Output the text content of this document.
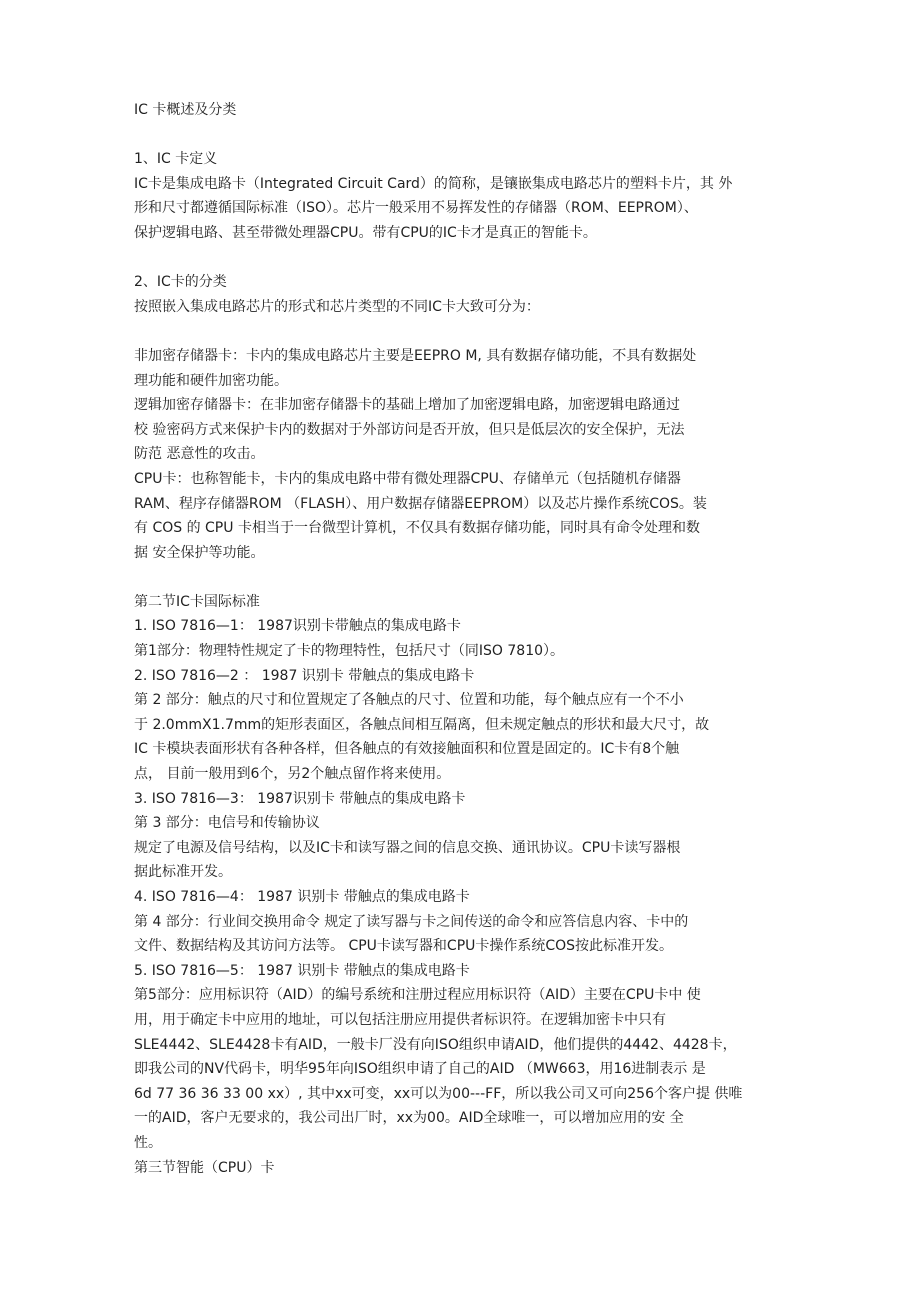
IC 卡概述及分类
1、IC 卡定义
IC卡是集成电路卡（Integrated Circuit Card）的简称，是镶嵌集成电路芯片的塑料卡片，其 外
形和尺寸都遵循国际标准（ISO）。芯片一般采用不易挥发性的存储器（ROM、EEPROM）、
保护逻辑电路、甚至带微处理器CPU。带有CPU的IC卡才是真正的智能卡。
2、IC卡的分类
按照嵌入集成电路芯片的形式和芯片类型的不同IC卡大致可分为：
非加密存储器卡：卡内的集成电路芯片主要是EEPRO M, 具有数据存储功能，不具有数据处
理功能和硬件加密功能。
逻辑加密存储器卡：在非加密存储器卡的基础上增加了加密逻辑电路，加密逻辑电路通过
校 验密码方式来保护卡内的数据对于外部访问是否开放，但只是低层次的安全保护，无法
防范 恶意性的攻击。
CPU卡：也称智能卡，卡内的集成电路中带有微处理器CPU、存储单元（包括随机存储器
RAM、程序存储器ROM （FLASH）、用户数据存储器EEPROM）以及芯片操作系统COS。装
有 COS 的 CPU 卡相当于一台微型计算机，不仅具有数据存储功能，同时具有命令处理和数
据 安全保护等功能。
第二节IC卡国际标准
1. ISO 7816—1： 1987识别卡带触点的集成电路卡
第1部分：物理特性规定了卡的物理特性，包括尺寸（同ISO 7810）。
2. ISO 7816—2 ： 1987 识别卡 带触点的集成电路卡
第 2 部分：触点的尺寸和位置规定了各触点的尺寸、位置和功能，每个触点应有一个不小
于 2.0mmX1.7mm的矩形表面区，各触点间相互隔离，但未规定触点的形状和最大尺寸，故
IC 卡模块表面形状有各种各样，但各触点的有效接触面积和位置是固定的。IC卡有8个触
点， 目前一般用到6个，另2个触点留作将来使用。
3. ISO 7816—3： 1987识别卡 带触点的集成电路卡
第 3 部分：电信号和传输协议
规定了电源及信号结构，以及IC卡和读写器之间的信息交换、通讯协议。CPU卡读写器根
据此标准开发。
4. ISO 7816—4： 1987 识别卡 带触点的集成电路卡
第 4 部分：行业间交换用命令 规定了读写器与卡之间传送的命令和应答信息内容、卡中的
文件、数据结构及其访问方法等。 CPU卡读写器和CPU卡操作系统COS按此标准开发。
5. ISO 7816—5： 1987 识别卡 带触点的集成电路卡
第5部分：应用标识符（AID）的编号系统和注册过程应用标识符（AID）主要在CPU卡中 使
用，用于确定卡中应用的地址，可以包括注册应用提供者标识符。在逻辑加密卡中只有
SLE4442、SLE4428卡有AID，一般卡厂没有向ISO组织申请AID，他们提供的4442、4428卡，
即我公司的NV代码卡，明华95年向ISO组织申请了自己的AID （MW663，用16进制表示 是
6d 77 36 36 33 00 xx）, 其中xx可变，xx可以为00---FF，所以我公司又可向256个客户提 供唯
一的AID，客户无要求的，我公司出厂时，xx为00。AID全球唯一，可以增加应用的安 全
性。
第三节智能（CPU）卡
